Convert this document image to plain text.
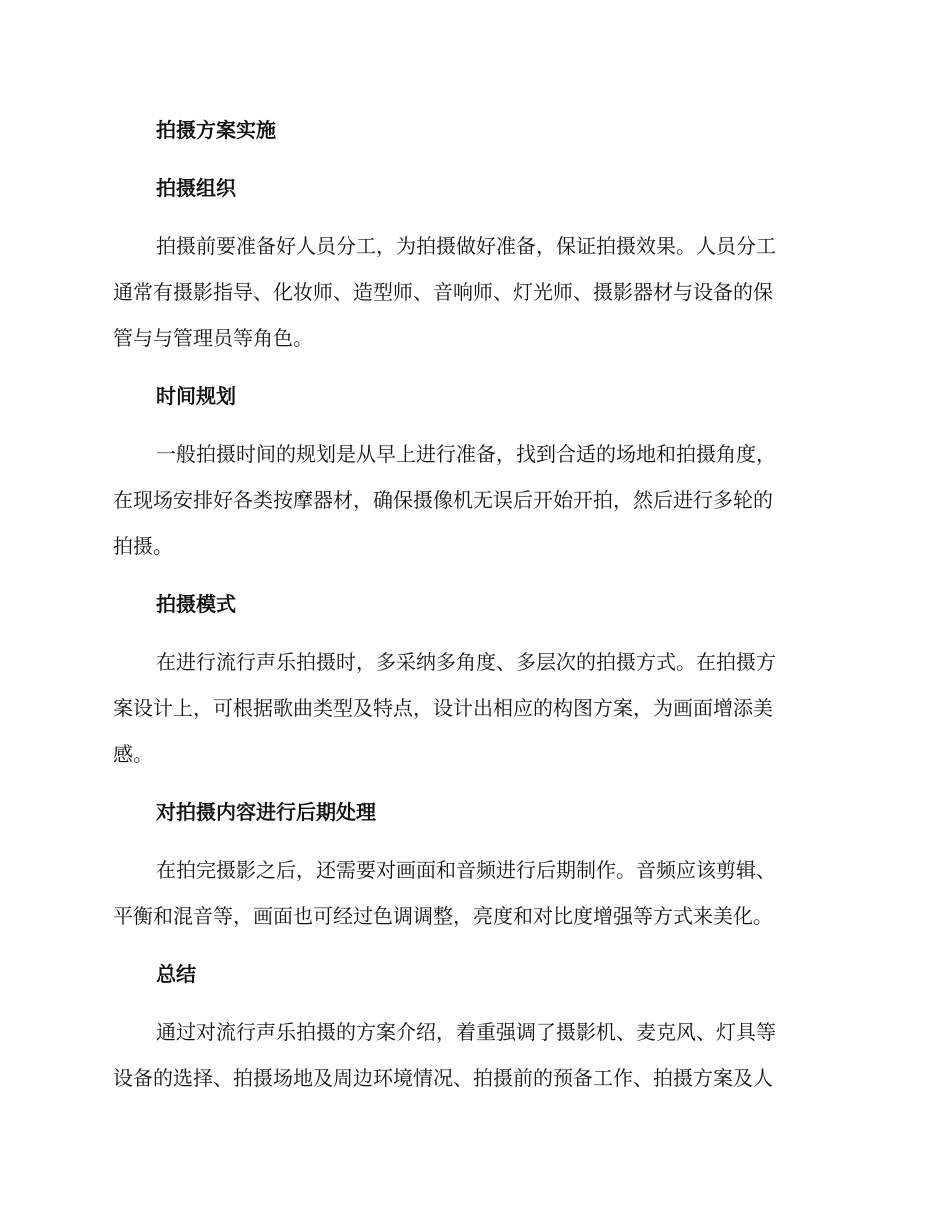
拍摄方案实施
拍摄组织
拍摄前要准备好人员分工，为拍摄做好准备，保证拍摄效果。人员分工
通常有摄影指导、化妆师、造型师、音响师、灯光师、摄影器材与设备的保
管与与管理员等角色。
时间规划
一般拍摄时间的规划是从早上进行准备，找到合适的场地和拍摄角度，
在现场安排好各类按摩器材，确保摄像机无误后开始开拍，然后进行多轮的
拍摄。
拍摄模式
在进行流行声乐拍摄时，多采纳多角度、多层次的拍摄方式。在拍摄方
案设计上，可根据歌曲类型及特点，设计出相应的构图方案，为画面增添美
感。
对拍摄内容进行后期处理
在拍完摄影之后，还需要对画面和音频进行后期制作。音频应该剪辑、
平衡和混音等，画面也可经过色调调整，亮度和对比度增强等方式来美化。
总结
通过对流行声乐拍摄的方案介绍，着重强调了摄影机、麦克风、灯具等
设备的选择、拍摄场地及周边环境情况、拍摄前的预备工作、拍摄方案及人
